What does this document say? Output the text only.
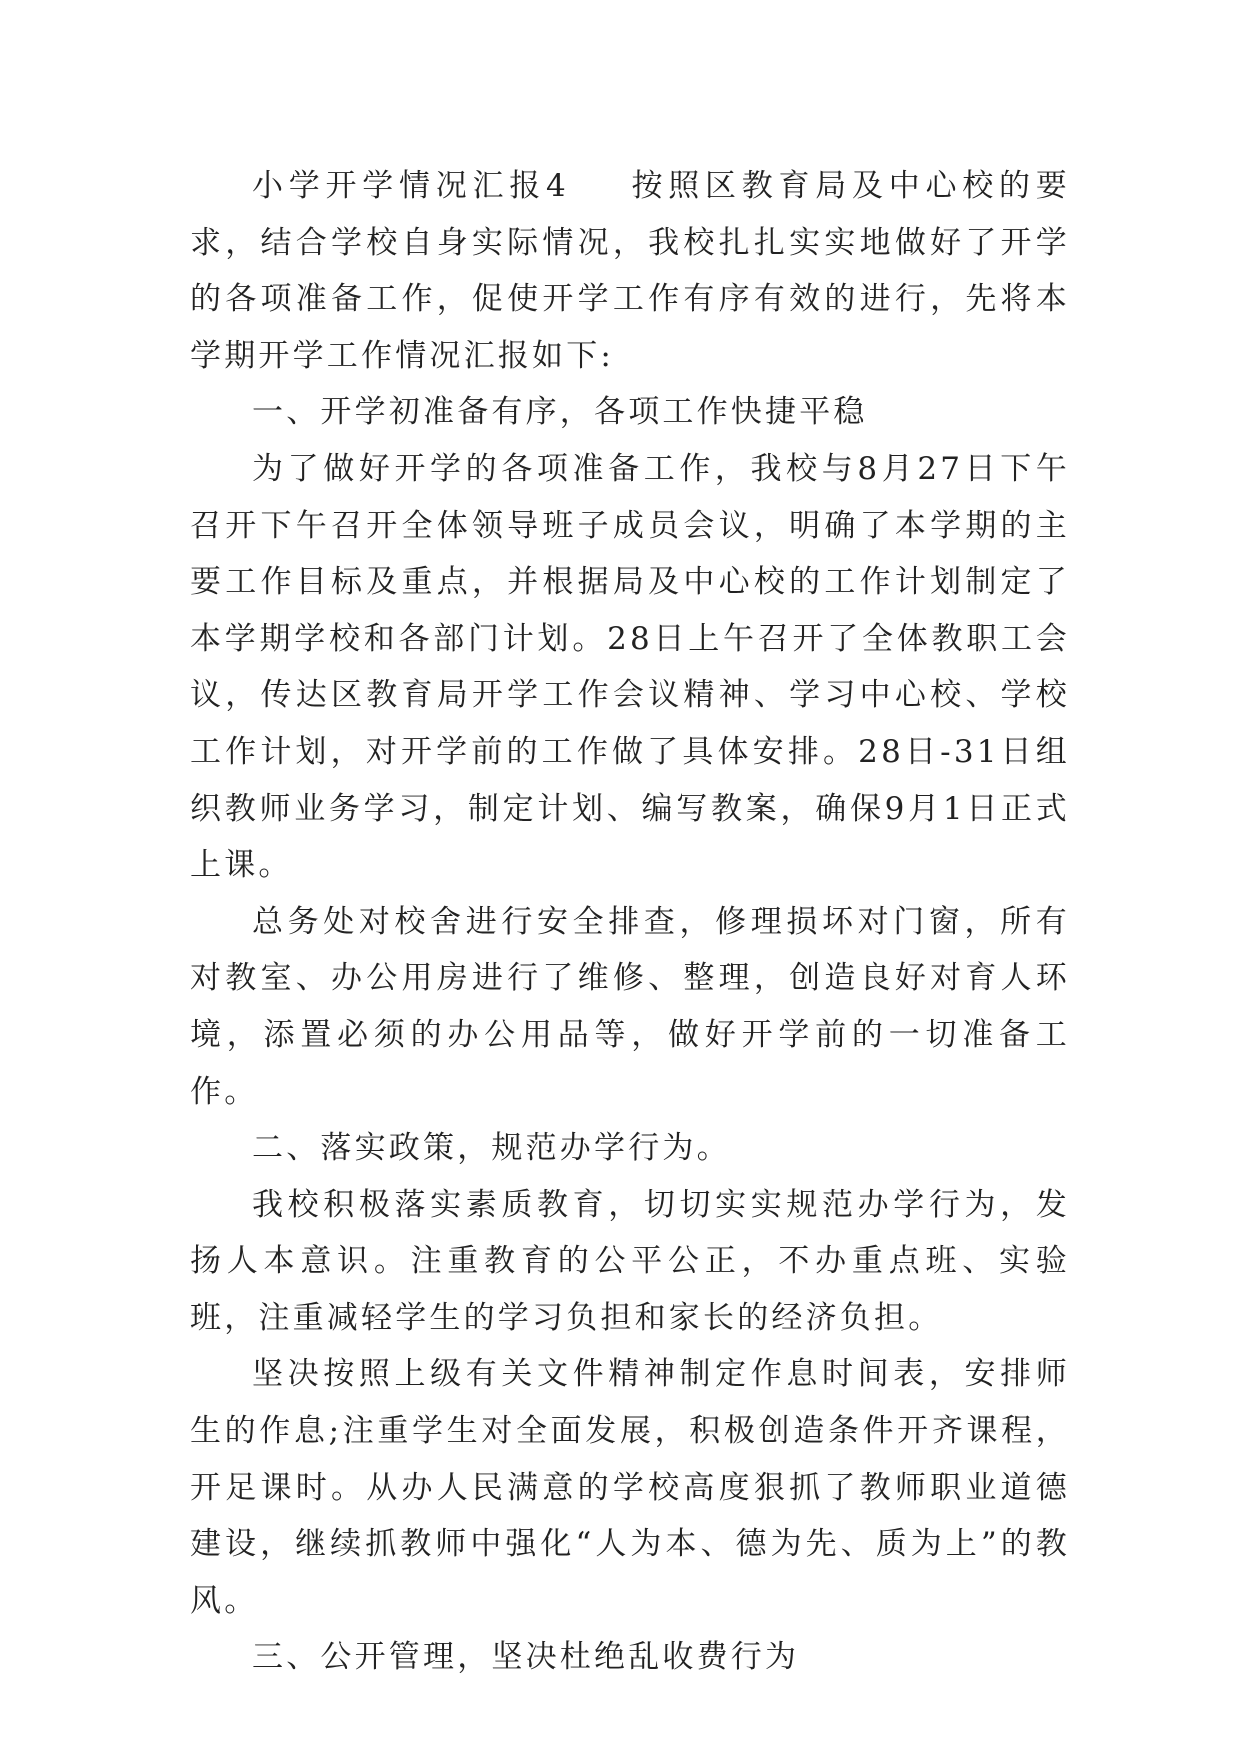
小学开学情况汇报4 按照区教育局及中心校的要求，结合学校自身实际情况，我校扎扎实实地做好了开学的各项准备工作，促使开学工作有序有效的进行，先将本学期开学工作情况汇报如下:

一、开学初准备有序，各项工作快捷平稳

为了做好开学的各项准备工作，我校与8月27日下午召开下午召开全体领导班子成员会议，明确了本学期的主要工作目标及重点，并根据局及中心校的工作计划制定了本学期学校和各部门计划。28日上午召开了全体教职工会议，传达区教育局开学工作会议精神、学习中心校、学校工作计划，对开学前的工作做了具体安排。28日-31日组织教师业务学习，制定计划、编写教案，确保9月1日正式上课。

总务处对校舍进行安全排查，修理损坏对门窗，所有对教室、办公用房进行了维修、整理，创造良好对育人环境，添置必须的办公用品等，做好开学前的一切准备工作。

二、落实政策，规范办学行为。

我校积极落实素质教育，切切实实规范办学行为，发扬人本意识。注重教育的公平公正，不办重点班、实验班，注重减轻学生的学习负担和家长的经济负担。

坚决按照上级有关文件精神制定作息时间表，安排师生的作息;注重学生对全面发展，积极创造条件开齐课程，开足课时。从办人民满意的学校高度狠抓了教师职业道德建设，继续抓教师中强化“人为本、德为先、质为上”的教风。

三、公开管理，坚决杜绝乱收费行为
